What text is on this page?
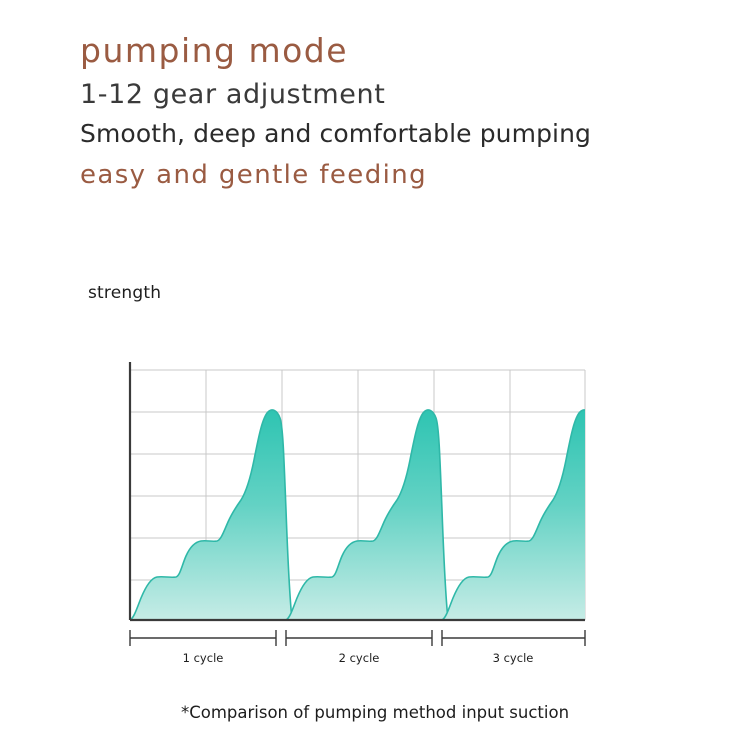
pumping mode
1-12 gear adjustment
Smooth, deep and comfortable pumping
easy and gentle feeding
strength
1 cycle	2 cycle	3 cycle
*Comparison of pumping method input suction
